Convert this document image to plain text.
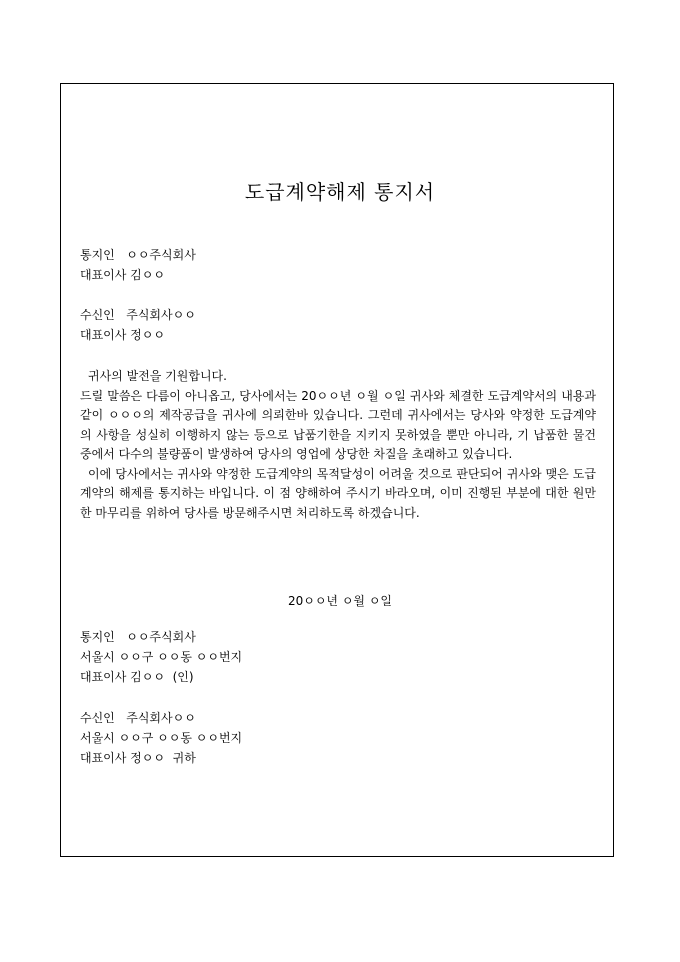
도급계약해제 통지서
통지인 ㅇㅇ주식회사
대표이사 김ㅇㅇ
수신인 주식회사ㅇㅇ
대표이사 정ㅇㅇ

귀사의 발전을 기원합니다.

드릴 말씀은 다름이 아니옵고, 당사에서는 20ㅇㅇ년 ㅇ월 ㅇ일 귀사와 체결한 도급계약서의 내용과 같이 ㅇㅇㅇ의 제작공급을 귀사에 의뢰한바 있습니다. 그런데 귀사에서는 당사와 약정한 도급계약의 사항을 성실히 이행하지 않는 등으로 납품기한을 지키지 못하였을 뿐만 아니라, 기 납품한 물건 중에서 다수의 불량품이 발생하여 당사의 영업에 상당한 차질을 초래하고 있습니다.

이에 당사에서는 귀사와 약정한 도급계약의 목적달성이 어려울 것으로 판단되어 귀사와 맺은 도급계약의 해제를 통지하는 바입니다. 이 점 양해하여 주시기 바라오며, 이미 진행된 부분에 대한 원만한 마무리를 위하여 당사를 방문해주시면 처리하도록 하겠습니다.

20ㅇㅇ년 ㅇ월 ㅇ일
통지인 ㅇㅇ주식회사
서울시 ㅇㅇ구 ㅇㅇ동 ㅇㅇ번지
대표이사 김ㅇㅇ (인)
수신인 주식회사ㅇㅇ
서울시 ㅇㅇ구 ㅇㅇ동 ㅇㅇ번지
대표이사 정ㅇㅇ 귀하
